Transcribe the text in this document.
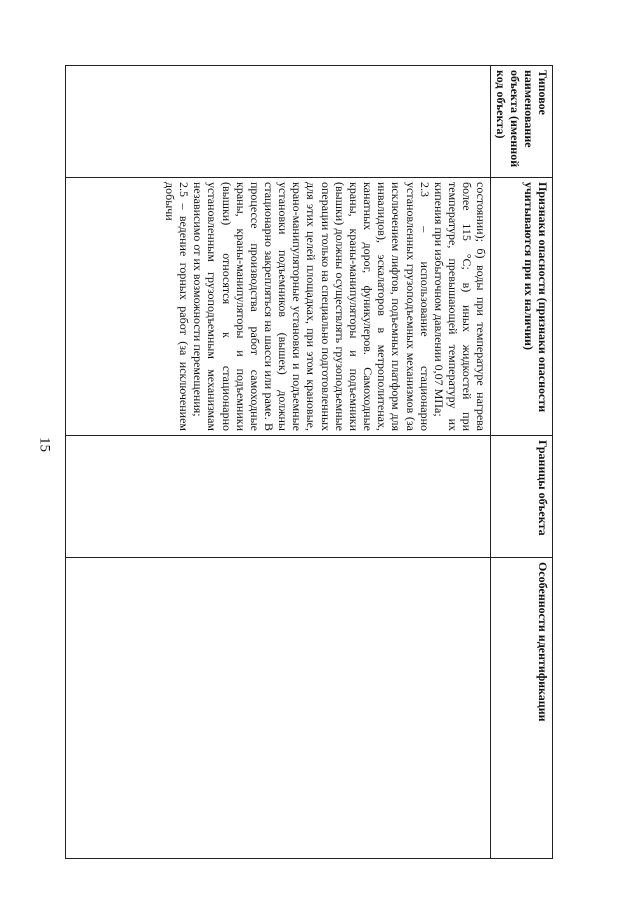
15
Типовое наименование объекта (именной код объекта)	Признаки опасности (признаки опасности учитываются при их наличии)	Границы объекта	Особенности идентификации

	состоянии); б) воды при температуре нагрева более 115 °С; в) иных жидкостей при температуре, превышающей температуру их кипения при избыточном давлении 0,07 МПа;

2.3 – использование стационарно установленных грузоподъемных механизмов (за исключением лифтов, подъемных платформ для инвалидов), эскалаторов в метрополитенах, канатных дорог, фуникулеров. Самоходные краны, краны-манипуляторы и подъемники (вышки) должны осуществлять грузоподъемные операции только на специально подготовленных для этих целей площадках, при этом крановые, крано-манипуляторные установки и подъемные установки подъемников (вышек) должны стационарно закрепляться на шасси или раме. В процессе производства работ самоходные краны, краны-манипуляторы и подъемники (вышки) относятся к стационарно установленным грузоподъемным механизмам независимо от их возможности перемещения;

2.5 – ведение горных работ (за исключением добычи		
